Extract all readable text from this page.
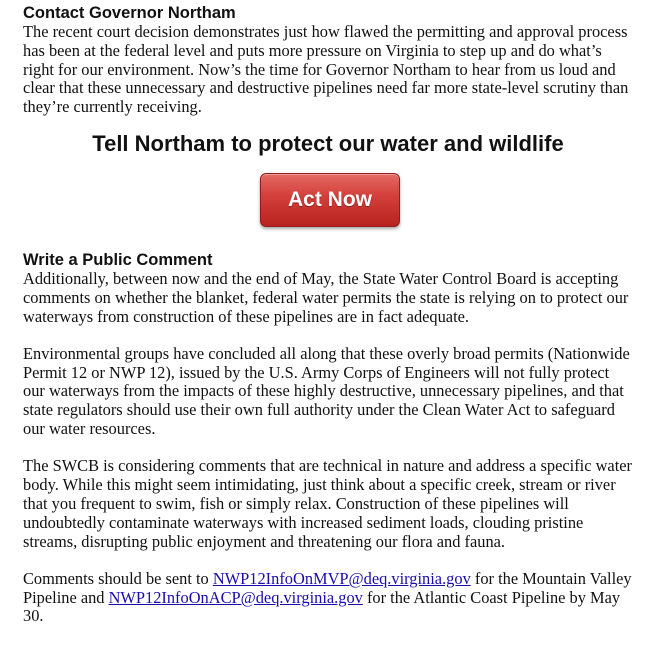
Contact Governor Northam

The recent court decision demonstrates just how flawed the permitting and approval process has been at the federal level and puts more pressure on Virginia to step up and do what’s right for our environment. Now’s the time for Governor Northam to hear from us loud and clear that these unnecessary and destructive pipelines need far more state-level scrutiny than they’re currently receiving.

Tell Northam to protect our water and wildlife
Act Now
Write a Public Comment

Additionally, between now and the end of May, the State Water Control Board is accepting comments on whether the blanket, federal water permits the state is relying on to protect our waterways from construction of these pipelines are in fact adequate.

Environmental groups have concluded all along that these overly broad permits (Nationwide Permit 12 or NWP 12), issued by the U.S. Army Corps of Engineers will not fully protect our waterways from the impacts of these highly destructive, unnecessary pipelines, and that state regulators should use their own full authority under the Clean Water Act to safeguard our water resources.

The SWCB is considering comments that are technical in nature and address a specific water body. While this might seem intimidating, just think about a specific creek, stream or river that you frequent to swim, fish or simply relax. Construction of these pipelines will undoubtedly contaminate waterways with increased sediment loads, clouding pristine streams, disrupting public enjoyment and threatening our flora and fauna.

Comments should be sent to NWP12InfoOnMVP@deq.virginia.gov for the Mountain Valley Pipeline and NWP12InfoOnACP@deq.virginia.gov for the Atlantic Coast Pipeline by May 30.
